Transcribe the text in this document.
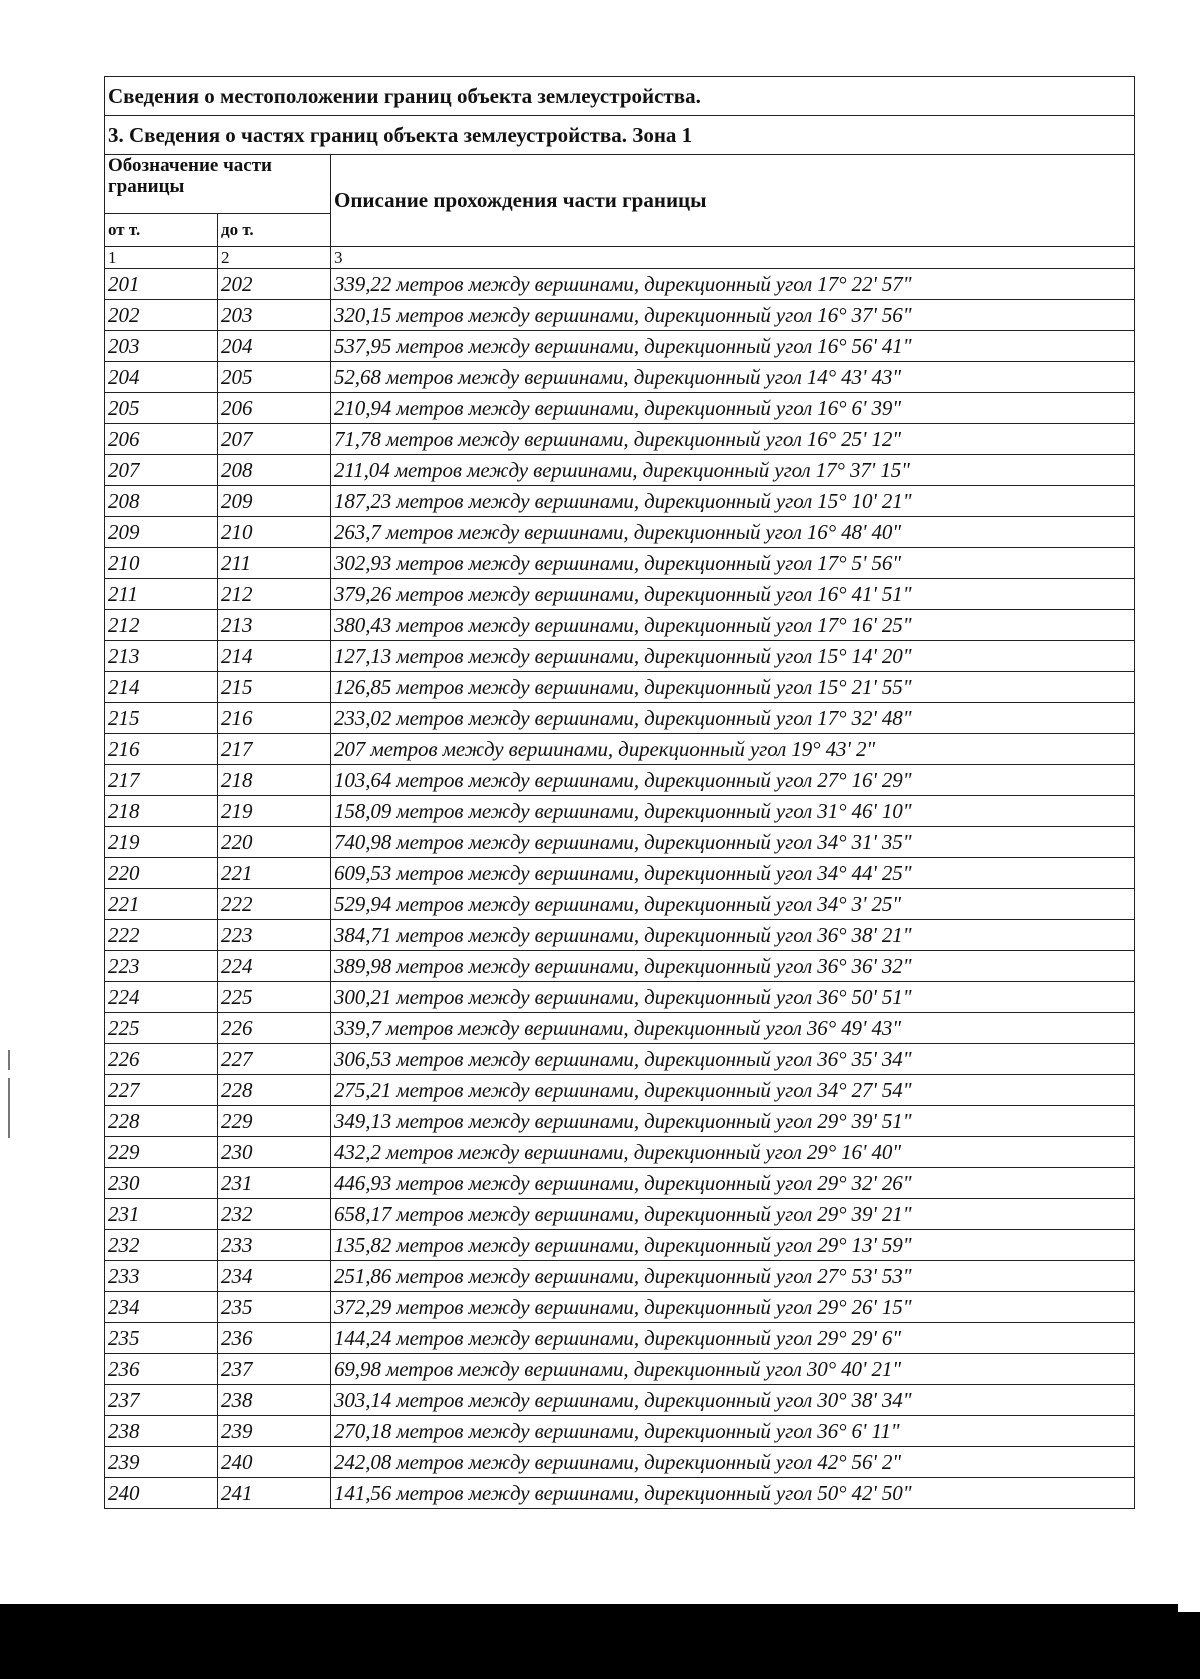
Сведения о местоположении границ объекта землеустройства.		
3. Сведения о частях границ объекта землеустройства. Зона 1		
Обозначение части границы		Описание прохождения части границы
от т.	до т.	
1	2	3
201	202	339,22 метров между вершинами, дирекционный угол 17° 22' 57"
202	203	320,15 метров между вершинами, дирекционный угол 16° 37' 56"
203	204	537,95 метров между вершинами, дирекционный угол 16° 56' 41"
204	205	52,68 метров между вершинами, дирекционный угол 14° 43' 43"
205	206	210,94 метров между вершинами, дирекционный угол 16° 6' 39"
206	207	71,78 метров между вершинами, дирекционный угол 16° 25' 12"
207	208	211,04 метров между вершинами, дирекционный угол 17° 37' 15"
208	209	187,23 метров между вершинами, дирекционный угол 15° 10' 21"
209	210	263,7 метров между вершинами, дирекционный угол 16° 48' 40"
210	211	302,93 метров между вершинами, дирекционный угол 17° 5' 56"
211	212	379,26 метров между вершинами, дирекционный угол 16° 41' 51"
212	213	380,43 метров между вершинами, дирекционный угол 17° 16' 25"
213	214	127,13 метров между вершинами, дирекционный угол 15° 14' 20"
214	215	126,85 метров между вершинами, дирекционный угол 15° 21' 55"
215	216	233,02 метров между вершинами, дирекционный угол 17° 32' 48"
216	217	207 метров между вершинами, дирекционный угол 19° 43' 2"
217	218	103,64 метров между вершинами, дирекционный угол 27° 16' 29"
218	219	158,09 метров между вершинами, дирекционный угол 31° 46' 10"
219	220	740,98 метров между вершинами, дирекционный угол 34° 31' 35"
220	221	609,53 метров между вершинами, дирекционный угол 34° 44' 25"
221	222	529,94 метров между вершинами, дирекционный угол 34° 3' 25"
222	223	384,71 метров между вершинами, дирекционный угол 36° 38' 21"
223	224	389,98 метров между вершинами, дирекционный угол 36° 36' 32"
224	225	300,21 метров между вершинами, дирекционный угол 36° 50' 51"
225	226	339,7 метров между вершинами, дирекционный угол 36° 49' 43"
226	227	306,53 метров между вершинами, дирекционный угол 36° 35' 34"
227	228	275,21 метров между вершинами, дирекционный угол 34° 27' 54"
228	229	349,13 метров между вершинами, дирекционный угол 29° 39' 51"
229	230	432,2 метров между вершинами, дирекционный угол 29° 16' 40"
230	231	446,93 метров между вершинами, дирекционный угол 29° 32' 26"
231	232	658,17 метров между вершинами, дирекционный угол 29° 39' 21"
232	233	135,82 метров между вершинами, дирекционный угол 29° 13' 59"
233	234	251,86 метров между вершинами, дирекционный угол 27° 53' 53"
234	235	372,29 метров между вершинами, дирекционный угол 29° 26' 15"
235	236	144,24 метров между вершинами, дирекционный угол 29° 29' 6"
236	237	69,98 метров между вершинами, дирекционный угол 30° 40' 21"
237	238	303,14 метров между вершинами, дирекционный угол 30° 38' 34"
238	239	270,18 метров между вершинами, дирекционный угол 36° 6' 11"
239	240	242,08 метров между вершинами, дирекционный угол 42° 56' 2"
240	241	141,56 метров между вершинами, дирекционный угол 50° 42' 50"
